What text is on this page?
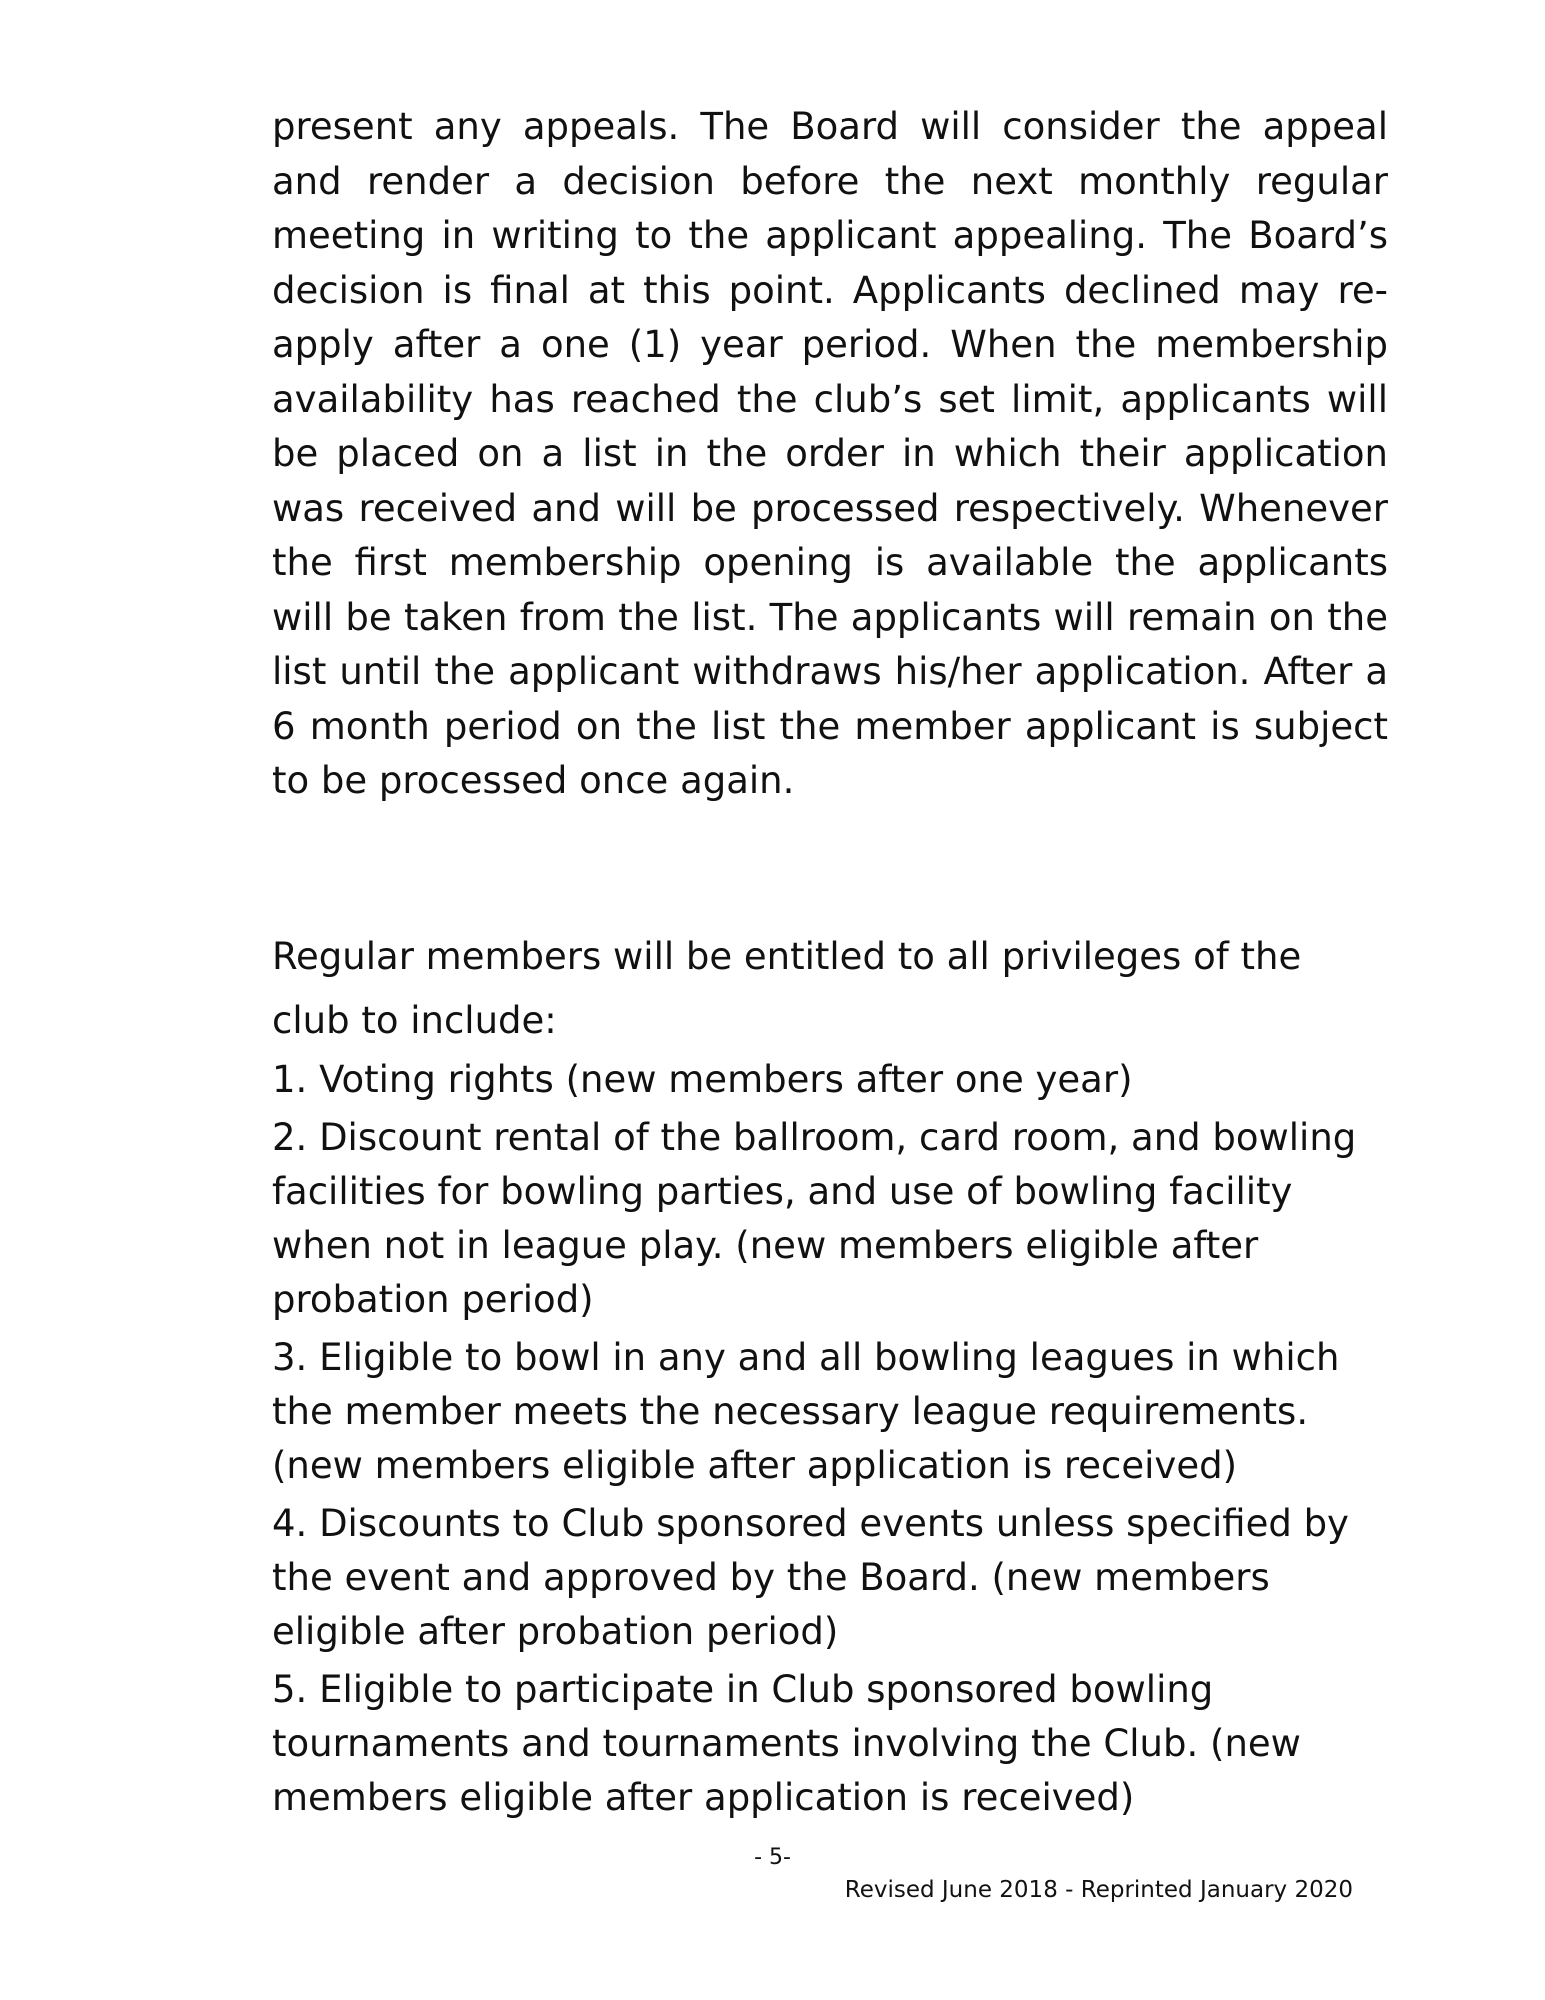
present any appeals. The Board will consider the appeal and render a decision before the next monthly regular meeting in writing to the applicant appealing. The Board’s decision is final at this point. Applicants declined may re-apply after a one (1) year period. When the membership availability has reached the club’s set limit, applicants will be placed on a list in the order in which their application was received and will be processed respectively. Whenever the first membership opening is available the applicants will be taken from the list. The applicants will remain on the list until the applicant withdraws his/her application. After a 6 month period on the list the member applicant is subject to be processed once again.

Regular members will be entitled to all privileges of the club to include:

1. Voting rights (new members after one year)
2. Discount rental of the ballroom, card room, and bowling facilities for bowling parties, and use of bowling facility when not in league play. (new members eligible after probation period)
3. Eligible to bowl in any and all bowling leagues in which the member meets the necessary league requirements. (new members eligible after application is received)
4. Discounts to Club sponsored events unless specified by the event and approved by the Board. (new members eligible after probation period)
5. Eligible to participate in Club sponsored bowling tournaments and tournaments involving the Club. (new members eligible after application is received)

- 5-

Revised June 2018 - Reprinted January 2020
